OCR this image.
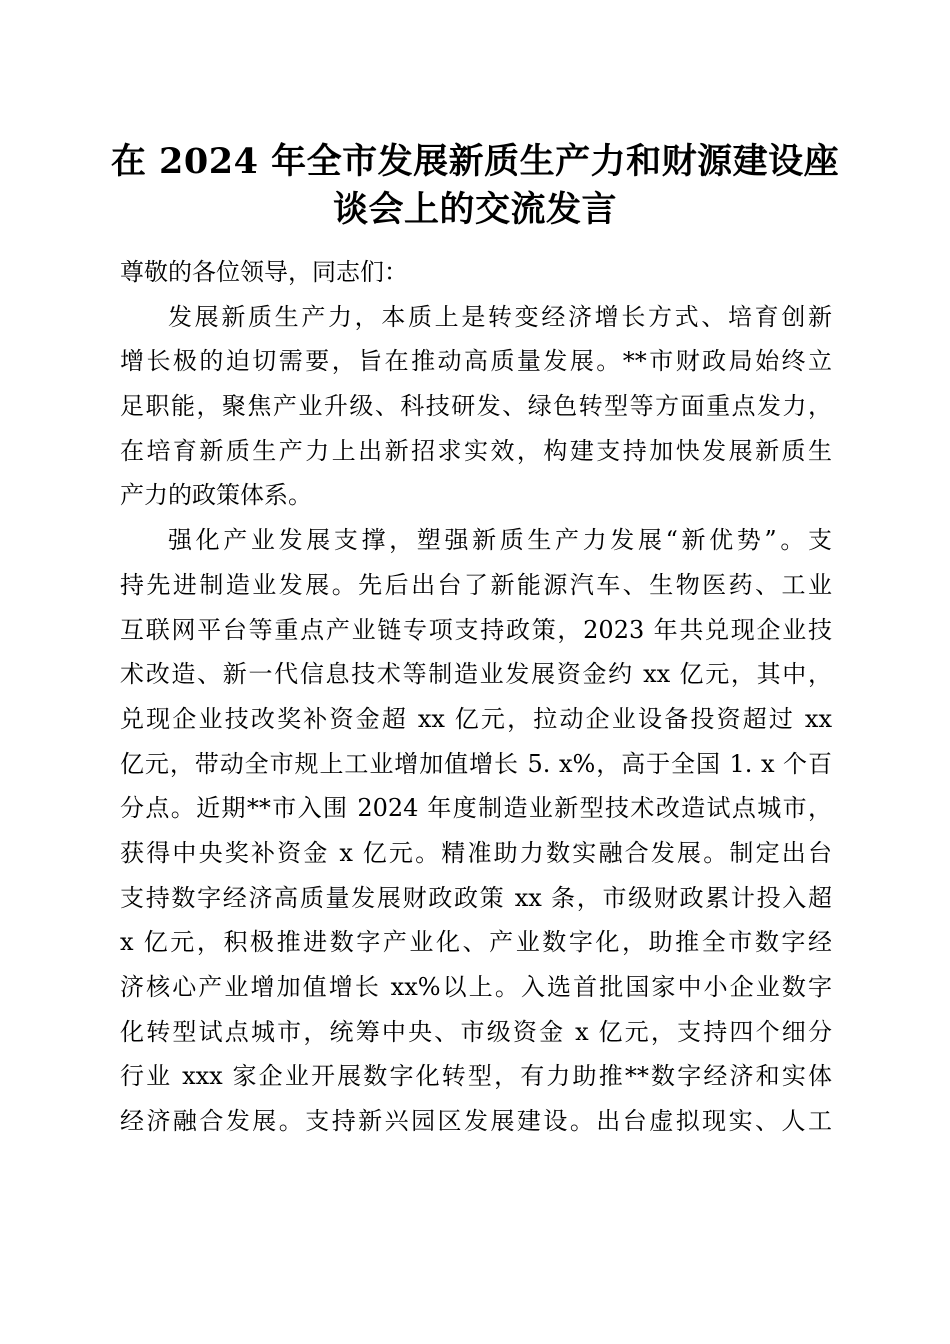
在 2024 年全市发展新质生产力和财源建设座
谈会上的交流发言
尊敬的各位领导，同志们：
发展新质生产力，本质上是转变经济增长方式、培育创新
增长极的迫切需要，旨在推动高质量发展。**市财政局始终立
足职能，聚焦产业升级、科技研发、绿色转型等方面重点发力，
在培育新质生产力上出新招求实效，构建支持加快发展新质生
产力的政策体系。
强化产业发展支撑，塑强新质生产力发展“新优势”。支
持先进制造业发展。先后出台了新能源汽车、生物医药、工业
互联网平台等重点产业链专项支持政策，2023 年共兑现企业技
术改造、新一代信息技术等制造业发展资金约 xx 亿元，其中，
兑现企业技改奖补资金超 xx 亿元，拉动企业设备投资超过 xx
亿元，带动全市规上工业增加值增长 5. x%，高于全国 1. x 个百
分点。近期**市入围 2024 年度制造业新型技术改造试点城市，
获得中央奖补资金 x 亿元。精准助力数实融合发展。制定出台
支持数字经济高质量发展财政政策 xx 条，市级财政累计投入超
x 亿元，积极推进数字产业化、产业数字化，助推全市数字经
济核心产业增加值增长 xx%以上。入选首批国家中小企业数字
化转型试点城市，统筹中央、市级资金 x 亿元，支持四个细分
行业 xxx 家企业开展数字化转型，有力助推**数字经济和实体
经济融合发展。支持新兴园区发展建设。出台虚拟现实、人工
